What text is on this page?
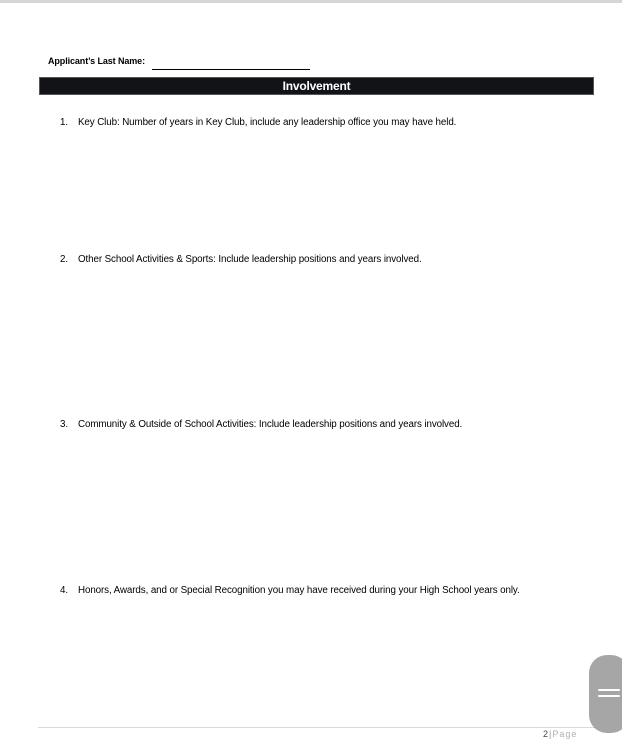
Applicant’s Last Name:
Involvement
1. Key Club: Number of years in Key Club, include any leadership office you may have held.
2. Other School Activities & Sports: Include leadership positions and years involved.
3. Community & Outside of School Activities: Include leadership positions and years involved.
4. Honors, Awards, and or Special Recognition you may have received during your High School years only.
2|Page
